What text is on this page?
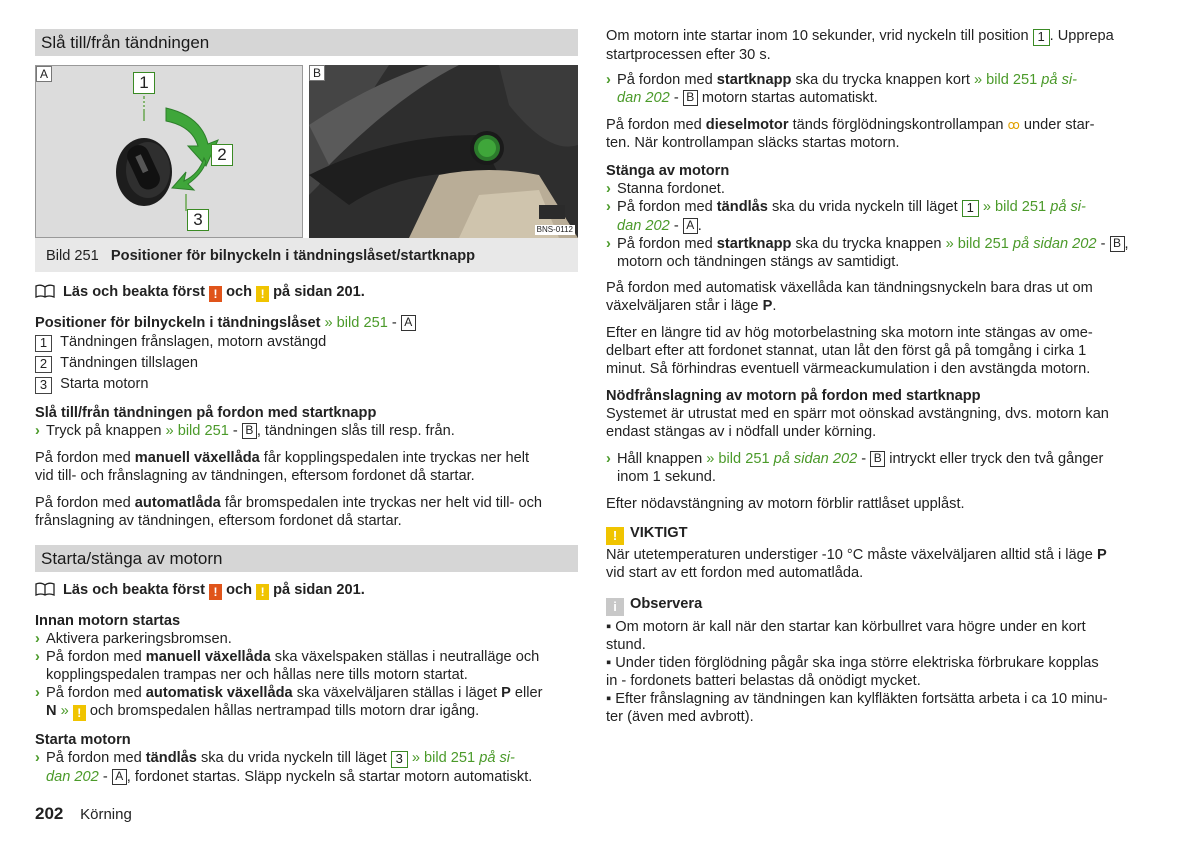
Slå till/från tändningen
A	1
2
3
B
BNS-0112
Bild 251 Positioner för bilnyckeln i tändningslåset/startknapp
Läs och beakta först ! och ! på sidan 201.
Positioner för bilnyckeln i tändningslåset » bild 251 - A
1 Tändningen frånslagen, motorn avstängd
2 Tändningen tillslagen
3 Starta motorn
Slå till/från tändningen på fordon med startknapp
› Tryck på knappen » bild 251 - B , tändningen slås till resp. från.
På fordon med manuell växellåda får kopplingspedalen inte tryckas ner helt
vid till- och frånslagning av tändningen, eftersom fordonet då startar.
På fordon med automatlåda får bromspedalen inte tryckas ner helt vid till- och
frånslagning av tändningen, eftersom fordonet då startar.
Starta/stänga av motorn
Läs och beakta först ! och ! på sidan 201.
Innan motorn startas
› Aktivera parkeringsbromsen.
› På fordon med manuell växellåda ska växelspaken ställas i neutralläge och
kopplingspedalen trampas ner och hållas nere tills motorn startat.
› På fordon med automatisk växellåda ska växelväljaren ställas i läget P eller
N » ! och bromspedalen hållas nertrampad tills motorn drar igång.
Starta motorn
› På fordon med tändlås ska du vrida nyckeln till läget 3 » bild 251 på si-
dan 202 - A , fordonet startas. Släpp nyckeln så startar motorn automatiskt.
Om motorn inte startar inom 10 sekunder, vrid nyckeln till position 1 . Upprepa
startprocessen efter 30 s.
› På fordon med startknapp ska du trycka knappen kort » bild 251 på si-
dan 202 - B motorn startas automatiskt.
På fordon med dieselmotor tänds förglödningskontrollampan ꝏ under star-
ten. När kontrollampan släcks startas motorn.
Stänga av motorn
› Stanna fordonet.
› På fordon med tändlås ska du vrida nyckeln till läget 1 » bild 251 på si-
dan 202 - A .
› På fordon med startknapp ska du trycka knappen » bild 251 på sidan 202 - B ,
motorn och tändningen stängs av samtidigt.
På fordon med automatisk växellåda kan tändningsnyckeln bara dras ut om
växelväljaren står i läge P.
Efter en längre tid av hög motorbelastning ska motorn inte stängas av ome-
delbart efter att fordonet stannat, utan låt den först gå på tomgång i cirka 1
minut. Så förhindras eventuell värmeackumulation i den avstängda motorn.
Nödfrånslagning av motorn på fordon med startknapp
Systemet är utrustat med en spärr mot oönskad avstängning, dvs. motorn kan
endast stängas av i nödfall under körning.
› Håll knappen » bild 251 på sidan 202 - B intryckt eller tryck den två gånger
inom 1 sekund.
Efter nödavstängning av motorn förblir rattlåset upplåst.
! VIKTIGT
När utetemperaturen understiger -10 °C måste växelväljaren alltid stå i läge P
vid start av ett fordon med automatlåda.
i Observera
▪ Om motorn är kall när den startar kan körbullret vara högre under en kort
stund.
▪ Under tiden förglödning pågår ska inga större elektriska förbrukare kopplas
in - fordonets batteri belastas då onödigt mycket.
▪ Efter frånslagning av tändningen kan kylfläkten fortsätta arbeta i ca 10 minu-
ter (även med avbrott).
202 Körning
